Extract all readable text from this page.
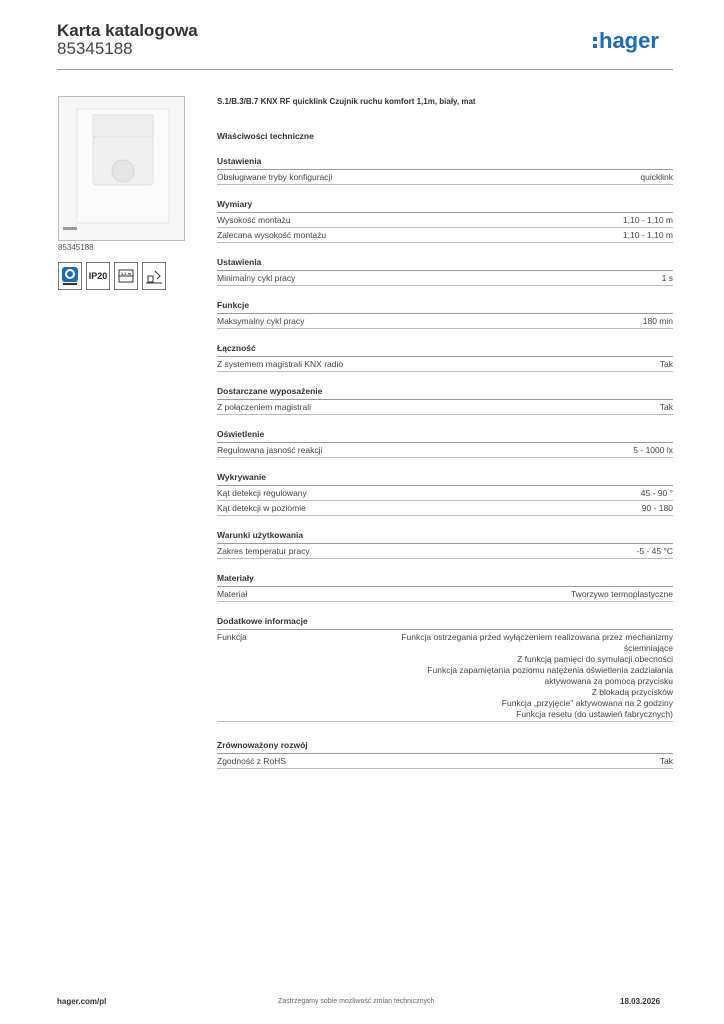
Karta katalogowa
85345188	hager
85345188
IP20	1,1 m
S.1/B.3/B.7 KNX RF quicklink Czujnik ruchu komfort 1,1m, biały, mat
Właściwości techniczne
Ustawienia
Obsługiwane tryby konfiguracji	quicklink
Wymiary
Wysokość montażu	1,10 - 1,10 m
Zalecana wysokość montażu	1,10 - 1,10 m
Ustawienia
Minimalny cykl pracy	1 s
Funkcje
Maksymalny cykl pracy	180 min
Łączność
Z systemem magistrali KNX radio	Tak
Dostarczane wyposażenie
Z połączeniem magistrali	Tak
Oświetlenie
Regulowana jasność reakcji	5 - 1000 lx
Wykrywanie
Kąt detekcji regulowany	45 - 90 °
Kąt detekcji w poziomie	90 - 180
Warunki użytkowania
Zakres temperatur pracy	-5 - 45 °C
Materiały
Materiał	Tworzywo termoplastyczne
Dodatkowe informacje
Funkcja	Funkcja ostrzegania przed wyłączeniem realizowana przez mechanizmy
ściemniające
Z funkcją pamięci do symulacji obecności
Funkcja zapamiętania poziomu natężenia oświetlenia zadziałania
aktywowana za pomocą przycisku
Z blokadą przycisków
Funkcja „przyjęcie" aktywowana na 2 godziny
Funkcja resetu (do ustawień fabrycznych)
Zrównoważony rozwój
Zgodność z RoHS	Tak
hager.com/pl	Zastrzegamy sobie możliwość zmian technicznych	18.03.2026
